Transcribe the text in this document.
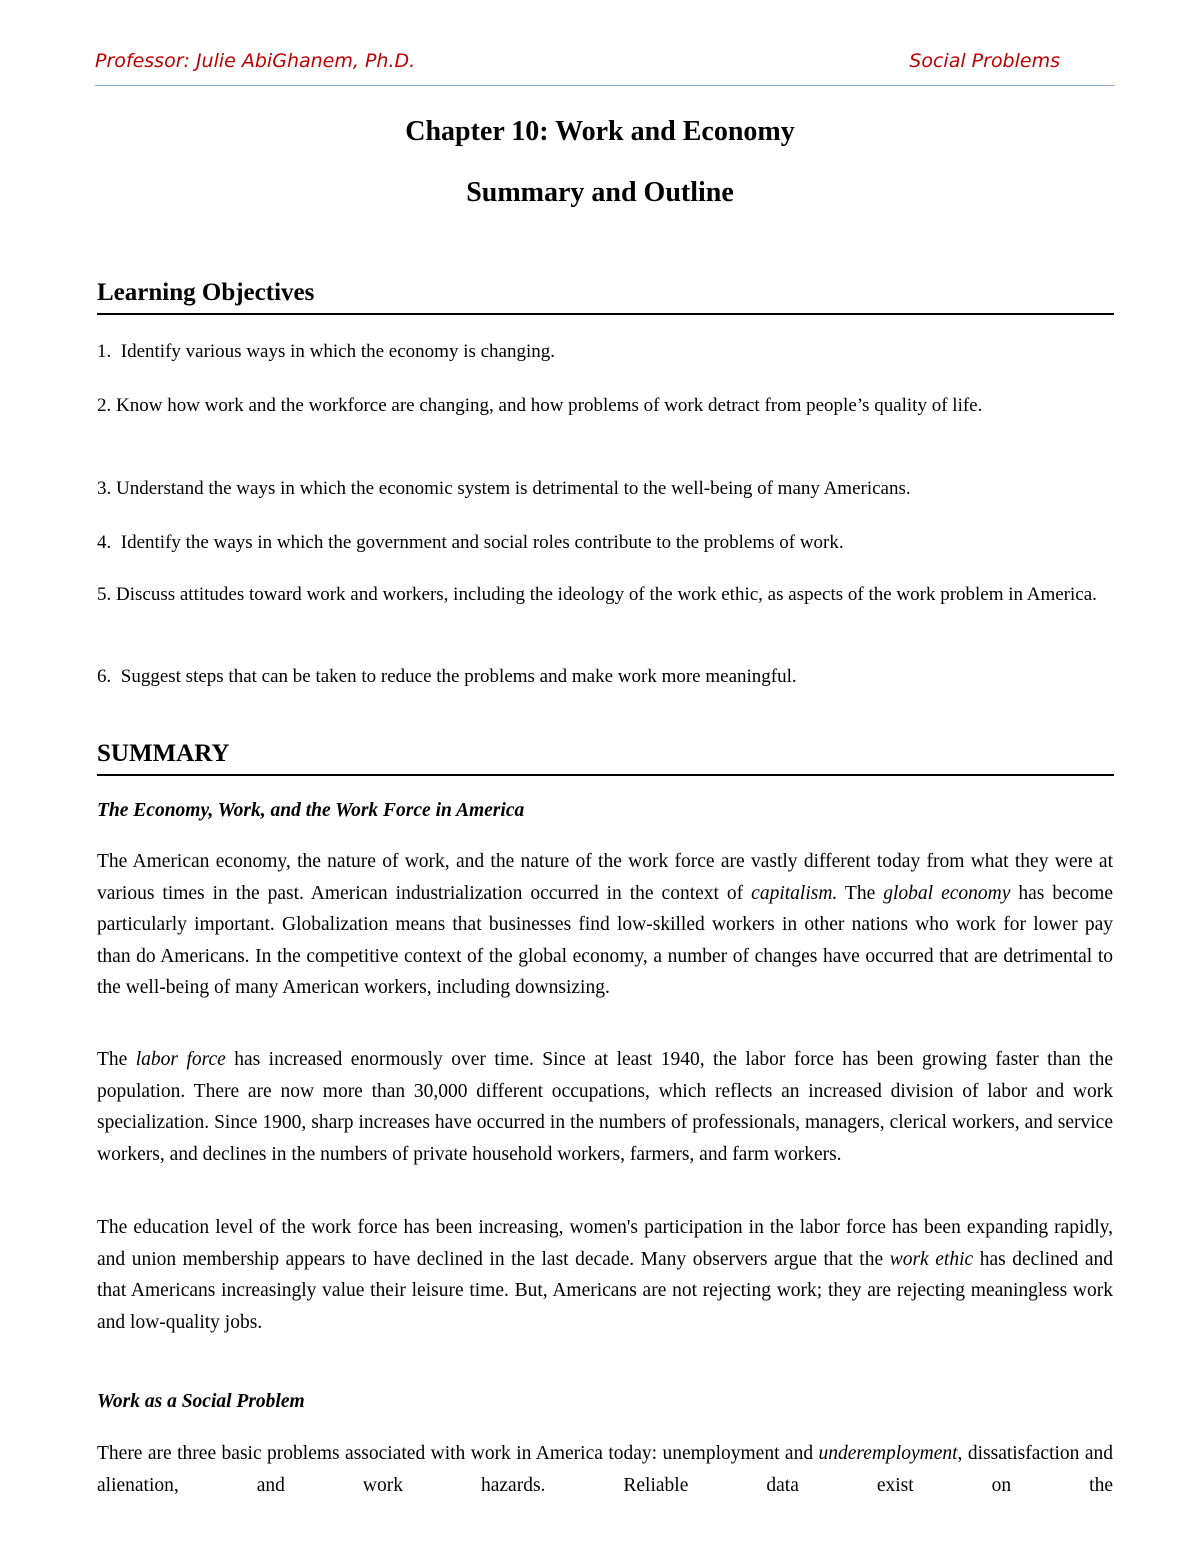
Professor: Julie AbiGhanem, Ph.D.	Social Problems
Chapter 10: Work and Economy
Summary and Outline
Learning Objectives
1. Identify various ways in which the economy is changing.
2. Know how work and the workforce are changing, and how problems of work detract from people’s quality of life.
3. Understand the ways in which the economic system is detrimental to the well-being of many Americans.
4. Identify the ways in which the government and social roles contribute to the problems of work.
5. Discuss attitudes toward work and workers, including the ideology of the work ethic, as aspects of the work problem in America.
6. Suggest steps that can be taken to reduce the problems and make work more meaningful.
SUMMARY
The Economy, Work, and the Work Force in America
The American economy, the nature of work, and the nature of the work force are vastly different today from what they were at various times in the past. American industrialization occurred in the context of capitalism. The global economy has become particularly important. Globalization means that businesses find low-skilled workers in other nations who work for lower pay than do Americans. In the competitive context of the global economy, a number of changes have occurred that are detrimental to the well-being of many American workers, including downsizing.
The labor force has increased enormously over time. Since at least 1940, the labor force has been growing faster than the population. There are now more than 30,000 different occupations, which reflects an increased division of labor and work specialization. Since 1900, sharp increases have occurred in the numbers of professionals, managers, clerical workers, and service workers, and declines in the numbers of private household workers, farmers, and farm workers.
The education level of the work force has been increasing, women's participation in the labor force has been expanding rapidly, and union membership appears to have declined in the last decade. Many observers argue that the work ethic has declined and that Americans increasingly value their leisure time. But, Americans are not rejecting work; they are rejecting meaningless work and low-quality jobs.
Work as a Social Problem
There are three basic problems associated with work in America today: unemployment and underemployment, dissatisfaction and alienation, and work hazards. Reliable data exist on the
